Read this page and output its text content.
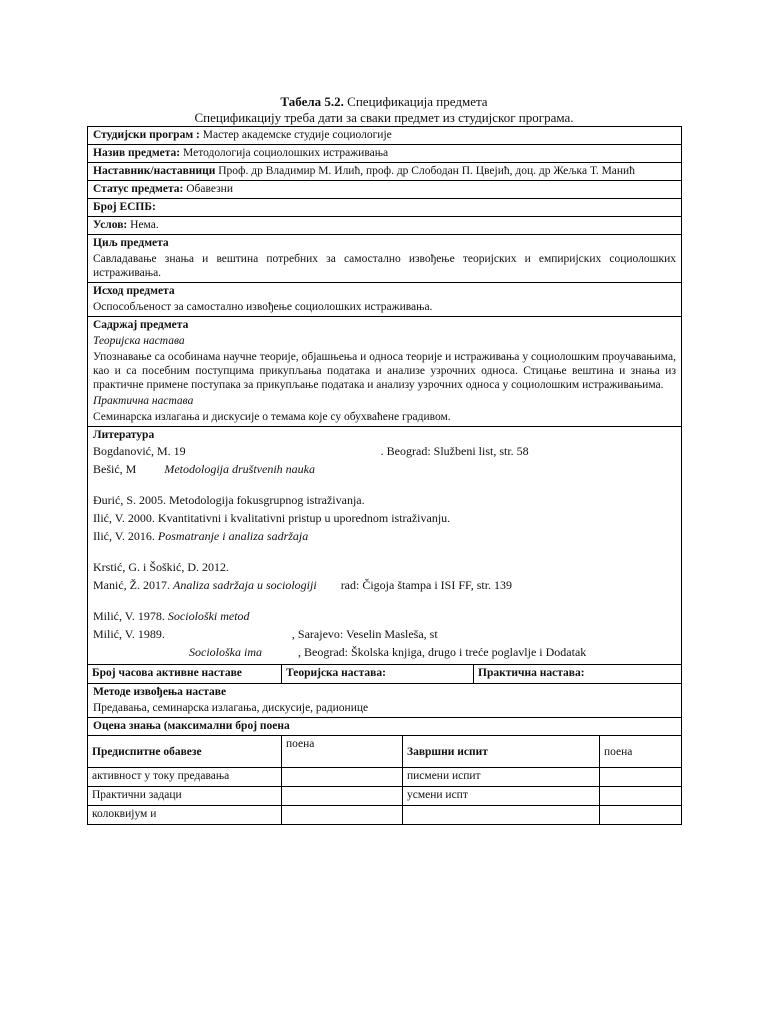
Табела 5.2. Спецификација предмета
Спецификацију треба дати за сваки предмет из студијског програма.
Студијски програм : Мастер академске студије социологије
Назив предмета: Методологија социолошких истраживања
Наставник/наставници Проф. др Владимир М. Илић, проф. др Слободан П. Цвејић, доц. др Жељка Т. Манић
Статус предмета: Обавезни
Број ЕСПБ:
Услов: Нема.

Циљ предмета
Савладавање знања и вештина потребних за самостално извођење теоријских и емпиријских социолошких истраживања.

Исход предмета
Оспособљеност за самостално извођење социолошких истраживања.

Садржај предмета
Теоријска настава
Упознавање са особинама научне теорије, објашњења и односа теорије и истраживања у социолошким проучавањима, као и са посебним поступцима прикупљања података и анализе узрочних односа. Стицање вештина и знања из практичне примене поступака за прикупљање података и анализу узрочних односа у социолошким истраживањима.
Практична настава
Семинарска излагања и дискусије о темама које су обухваћене градивом.

Литература
Bogdanović, M. 19	. Beograd: Službeni list, str. 58
Bešić, M Metodologija društvenih nauka
Đurić, S. 2005. Metodologija fokusgrupnog istraživanja.
Ilić, V. 2000. Kvantitativni i kvalitativni pristup u uporednom istraživanju.
Ilić, V. 2016. Posmatranje i analiza sadržaja
Krstić, G. i Šoškić, D. 2012.
Manić, Ž. 2017. Analiza sadržaja u sociologiji rad: Čigoja štampa i ISI FF, str. 139
Milić, V. 1978. Sociološki metod
Milić, V. 1989.	, Sarajevo: Veselin Masleša, st
Sociološka ima	, Beograd: Školska knjiga, drugo i treće poglavlje i Dodatak

Број часова активне наставе	Теоријска настава:	Практична настава:

Методе извођења наставе
Предавања, семинарска излагања, дискусије, радионице

Оцена знања (максимални број поена

Предиспитне обавезе	поена	Завршни испит	поена
активност у току предавања		писмени испит	
Практични задаци		усмени испт	
колоквијум и			
